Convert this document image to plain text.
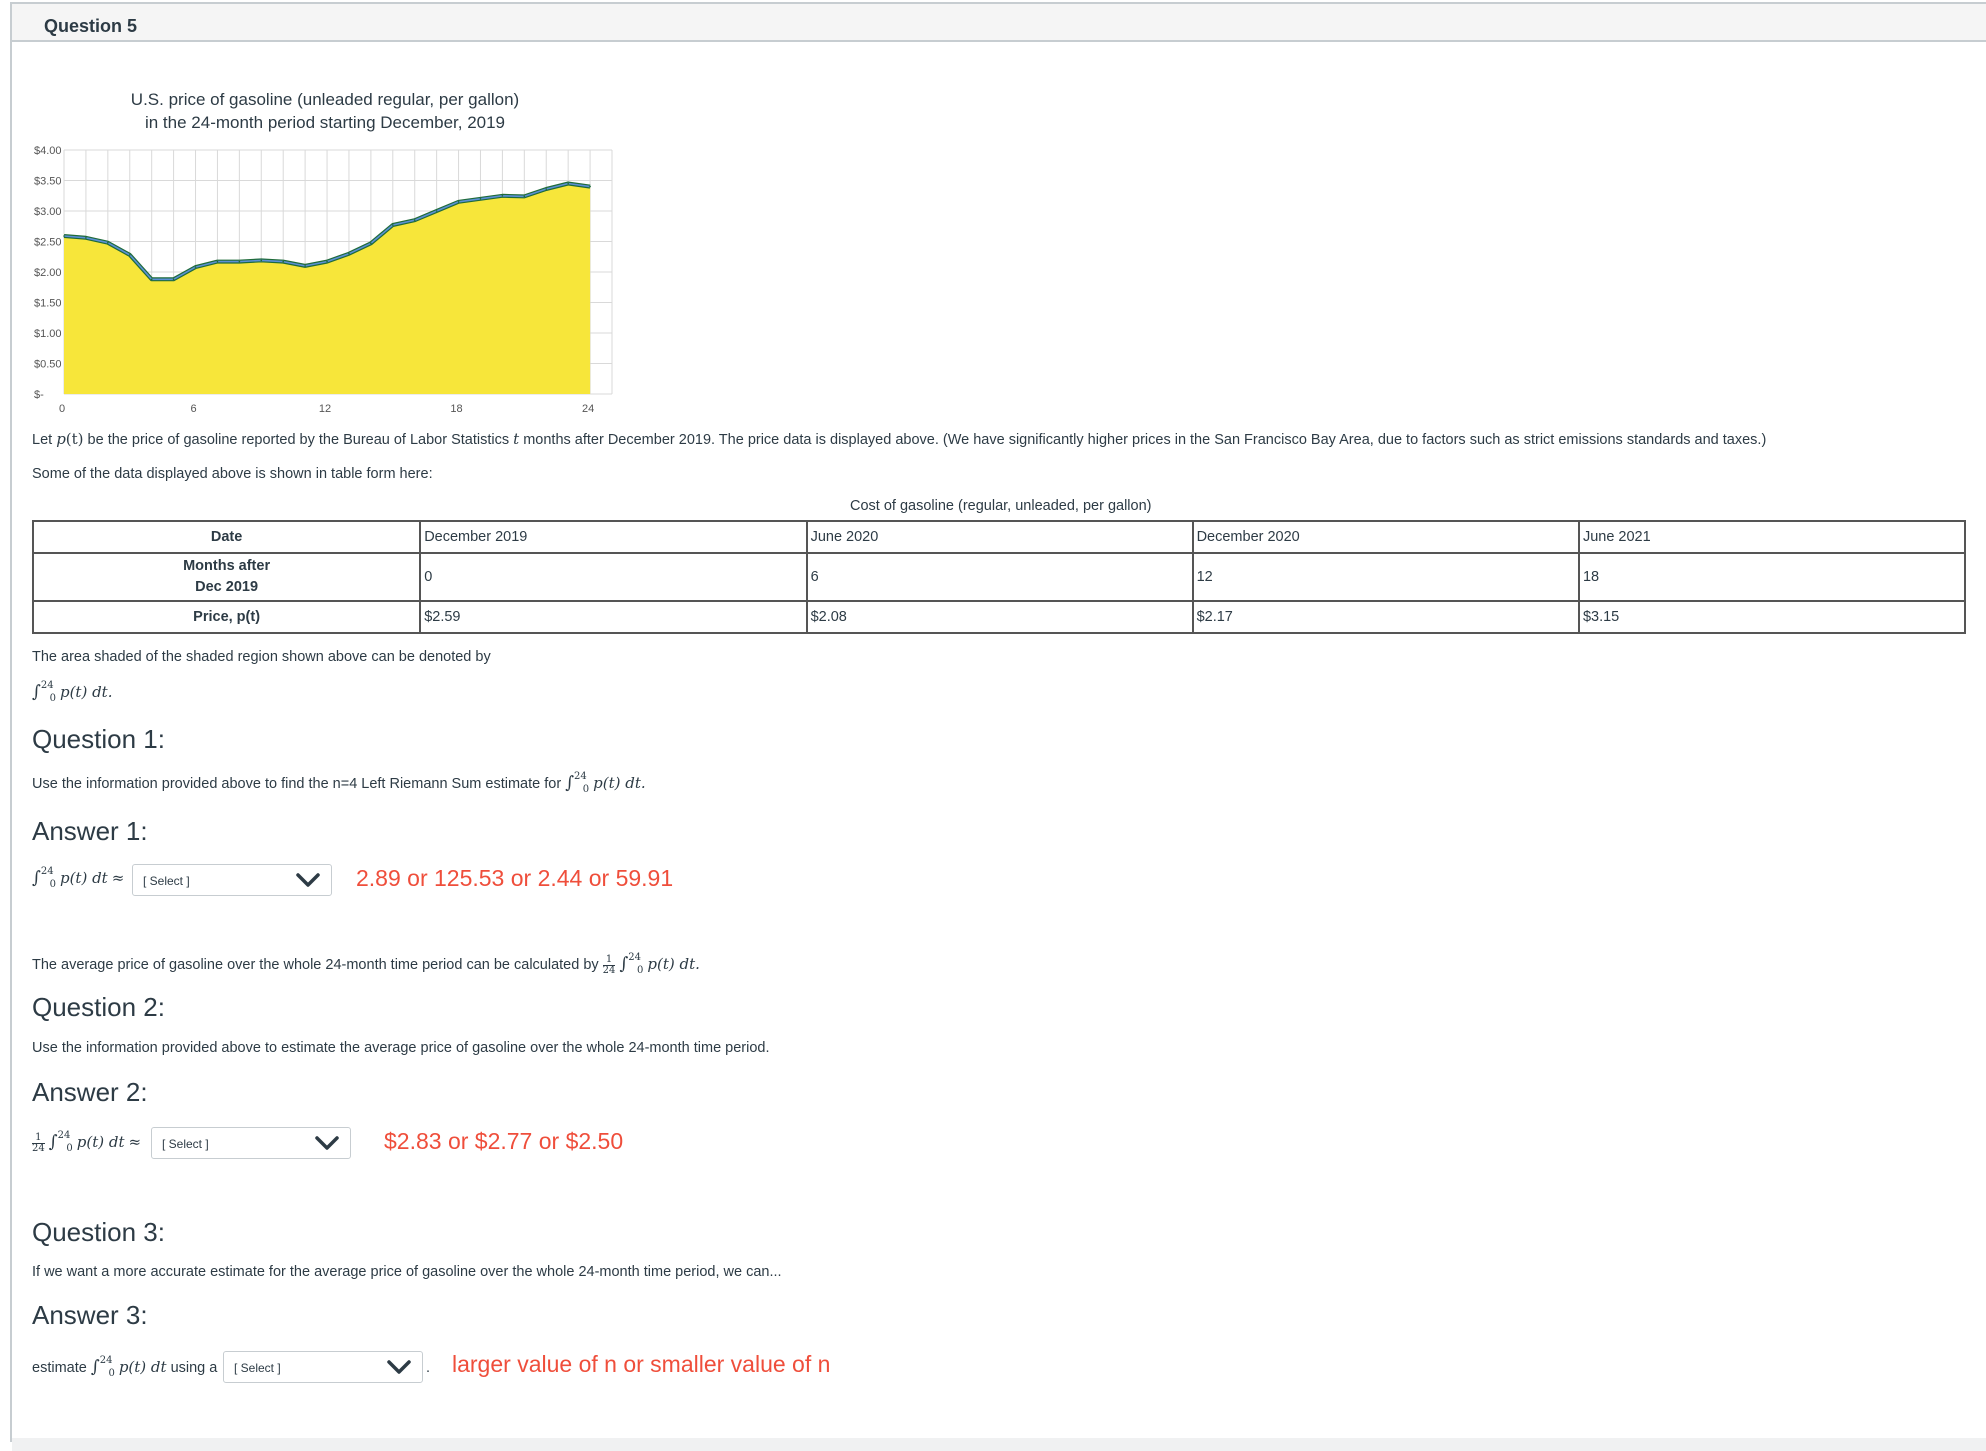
Question 5
U.S. price of gasoline (unleaded regular, per gallon)
in the 24-month period starting December, 2019
$4.00
$3.50
$3.00
$2.50
$2.00
$1.50
$1.00
$0.50
$-
0	6	12	18	24
Let p(t) be the price of gasoline reported by the Bureau of Labor Statistics t months after December 2019. The price data is displayed above. (We have significantly higher prices in the San Francisco Bay Area, due to factors such as strict emissions standards and taxes.)
Some of the data displayed above is shown in table form here:
Cost of gasoline (regular, unleaded, per gallon)
Date	December 2019	June 2020	December 2020	June 2021
Months after
Dec 2019	0	6	12	18
Price, p(t)	$2.59	$2.08	$2.17	$3.15
The area shaded of the shaded region shown above can be denoted by
∫$^{24}_0$ p(t) dt.
Question 1:
Use the information provided above to find the n=4 Left Riemann Sum estimate for ∫$^{24}_0$ p(t) dt.
Answer 1:
∫$^{24}_0$ p(t) dt ≈ [ Select ]	2.89 or 125.53 or 2.44 or 59.91
The average price of gasoline over the whole 24-month time period can be calculated by $\frac{1}{24} \int^{24}_0$ p(t) dt.
Question 2:
Use the information provided above to estimate the average price of gasoline over the whole 24-month time period.
Answer 2:
$\frac{1}{24} \int^{24}_0$ p(t) dt ≈ [ Select ]	$2.83 or $2.77 or $2.50
Question 3:
If we want a more accurate estimate for the average price of gasoline over the whole 24-month time period, we can...
Answer 3:
estimate ∫$^{24}_0$ p(t) dt using a [ Select ]	. larger value of n or smaller value of n
